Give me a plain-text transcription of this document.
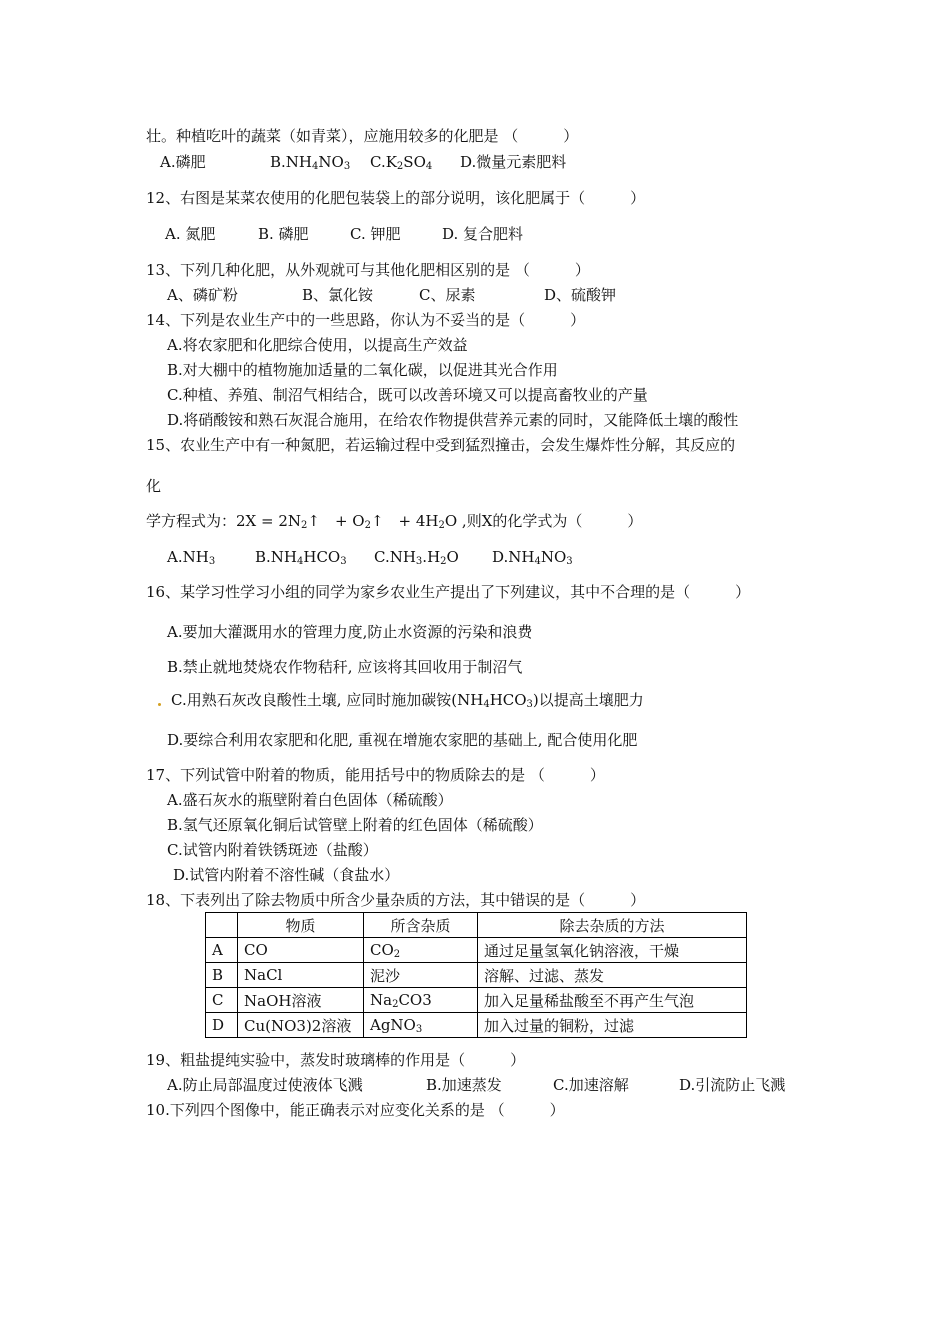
壮。种植吃叶的蔬菜（如青菜），应施用较多的化肥是 （　　　）
A.磷肥	$B.NH_4NO_3$ $C.K_2SO_4$ D.微量元素肥料
12、右图是某菜农使用的化肥包装袋上的部分说明，该化肥属于（　　　）
A. 氮肥	B. 磷肥	C. 钾肥	D. 复合肥料
13、下列几种化肥，从外观就可与其他化肥相区别的是 （　　　）
A、磷矿粉	B、氯化铵	C、尿素	D、硫酸钾
14、下列是农业生产中的一些思路，你认为不妥当的是（　　　）
A.将农家肥和化肥综合使用，以提高生产效益
B.对大棚中的植物施加适量的二氧化碳，以促进其光合作用
C.种植、养殖、制沼气相结合，既可以改善环境又可以提高畜牧业的产量
D.将硝酸铵和熟石灰混合施用，在给农作物提供营养元素的同时，又能降低土壤的酸性
15、农业生产中有一种氮肥，若运输过程中受到猛烈撞击，会发生爆炸性分解，其反应的
化
学方程式为：$2X = 2N_2↑$　+ $O_2↑$　+ $4H_2O$ ,则X的化学式为（　　　）
$A.NH_3$	$B.NH_4HCO_3$ $C.NH_3.H_2O$ $D.NH_4NO_3$
16、某学习性学习小组的同学为家乡农业生产提出了下列建议，其中不合理的是（　　　）
A.要加大灌溉用水的管理力度,防止水资源的污染和浪费
B.禁止就地焚烧农作物秸秆, 应该将其回收用于制沼气
C.用熟石灰改良酸性土壤, 应同时施加碳铵$(NH_4HCO_3)$以提高土壤肥力
D.要综合利用农家肥和化肥, 重视在增施农家肥的基础上, 配合使用化肥
17、下列试管中附着的物质，能用括号中的物质除去的是 （　　　）
A.盛石灰水的瓶壁附着白色固体（稀硫酸）
B.氢气还原氧化铜后试管壁上附着的红色固体（稀硫酸）
C.试管内附着铁锈斑迹（盐酸）
D.试管内附着不溶性碱（食盐水）
18、下表列出了除去物质中所含少量杂质的方法，其中错误的是（　　　）
	物质	所含杂质	除去杂质的方法
A	CO	$CO_2$	通过足量氢氧化钠溶液，干燥
B	NaCl	泥沙	溶解、过滤、蒸发
C	NaOH溶液	$Na_2CO3$	加入足量稀盐酸至不再产生气泡
D	Cu(NO3)2溶液	AgNO$_3$	加入过量的铜粉，过滤
19、粗盐提纯实验中，蒸发时玻璃棒的作用是（　　　）
A.防止局部温度过使液体飞溅	B.加速蒸发	C.加速溶解	D.引流防止飞溅
10.下列四个图像中，能正确表示对应变化关系的是 （　　　）
